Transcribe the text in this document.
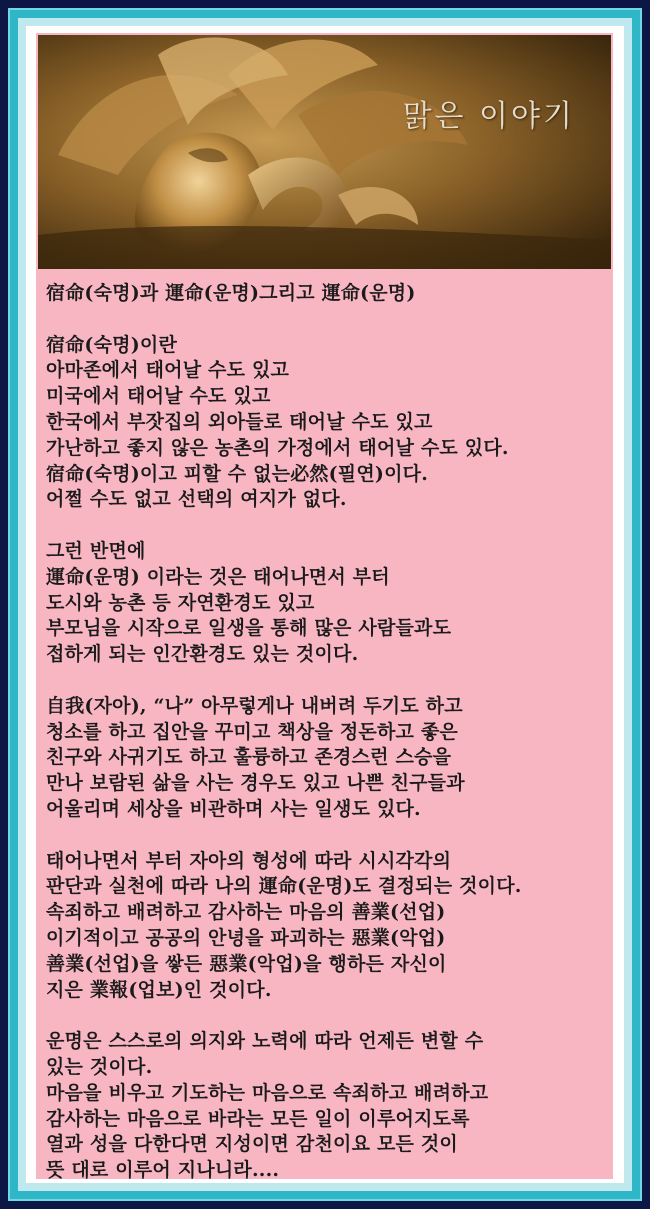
맑은 이야기
宿命(숙명)과 運命(운명)그리고 運命(운명)
宿命(숙명)이란
아마존에서 태어날 수도 있고
미국에서 태어날 수도 있고
한국에서 부잣집의 외아들로 태어날 수도 있고
가난하고 좋지 않은 농촌의 가정에서 태어날 수도 있다.
宿命(숙명)이고 피할 수 없는必然(필연)이다.
어쩔 수도 없고 선택의 여지가 없다.
그런 반면에
運命(운명) 이라는 것은 태어나면서 부터
도시와 농촌 등 자연환경도 있고
부모님을 시작으로 일생을 통해 많은 사람들과도
접하게 되는 인간환경도 있는 것이다.
自我(자아), “나” 아무렇게나 내버려 두기도 하고
청소를 하고 집안을 꾸미고 책상을 정돈하고 좋은
친구와 사귀기도 하고 훌륭하고 존경스런 스승을
만나 보람된 삶을 사는 경우도 있고 나쁜 친구들과
어울리며 세상을 비관하며 사는 일생도 있다.
태어나면서 부터 자아의 형성에 따라 시시각각의
판단과 실천에 따라 나의 運命(운명)도 결정되는 것이다.
속죄하고 배려하고 감사하는 마음의 善業(선업)
이기적이고 공공의 안녕을 파괴하는 惡業(악업)
善業(선업)을 쌓든 惡業(악업)을 행하든 자신이
지은 業報(업보)인 것이다.
운명은 스스로의 의지와 노력에 따라 언제든 변할 수
있는 것이다.
마음을 비우고 기도하는 마음으로 속죄하고 배려하고
감사하는 마음으로 바라는 모든 일이 이루어지도록
열과 성을 다한다면 지성이면 감천이요 모든 것이
뜻 대로 이루어 지나니라....
